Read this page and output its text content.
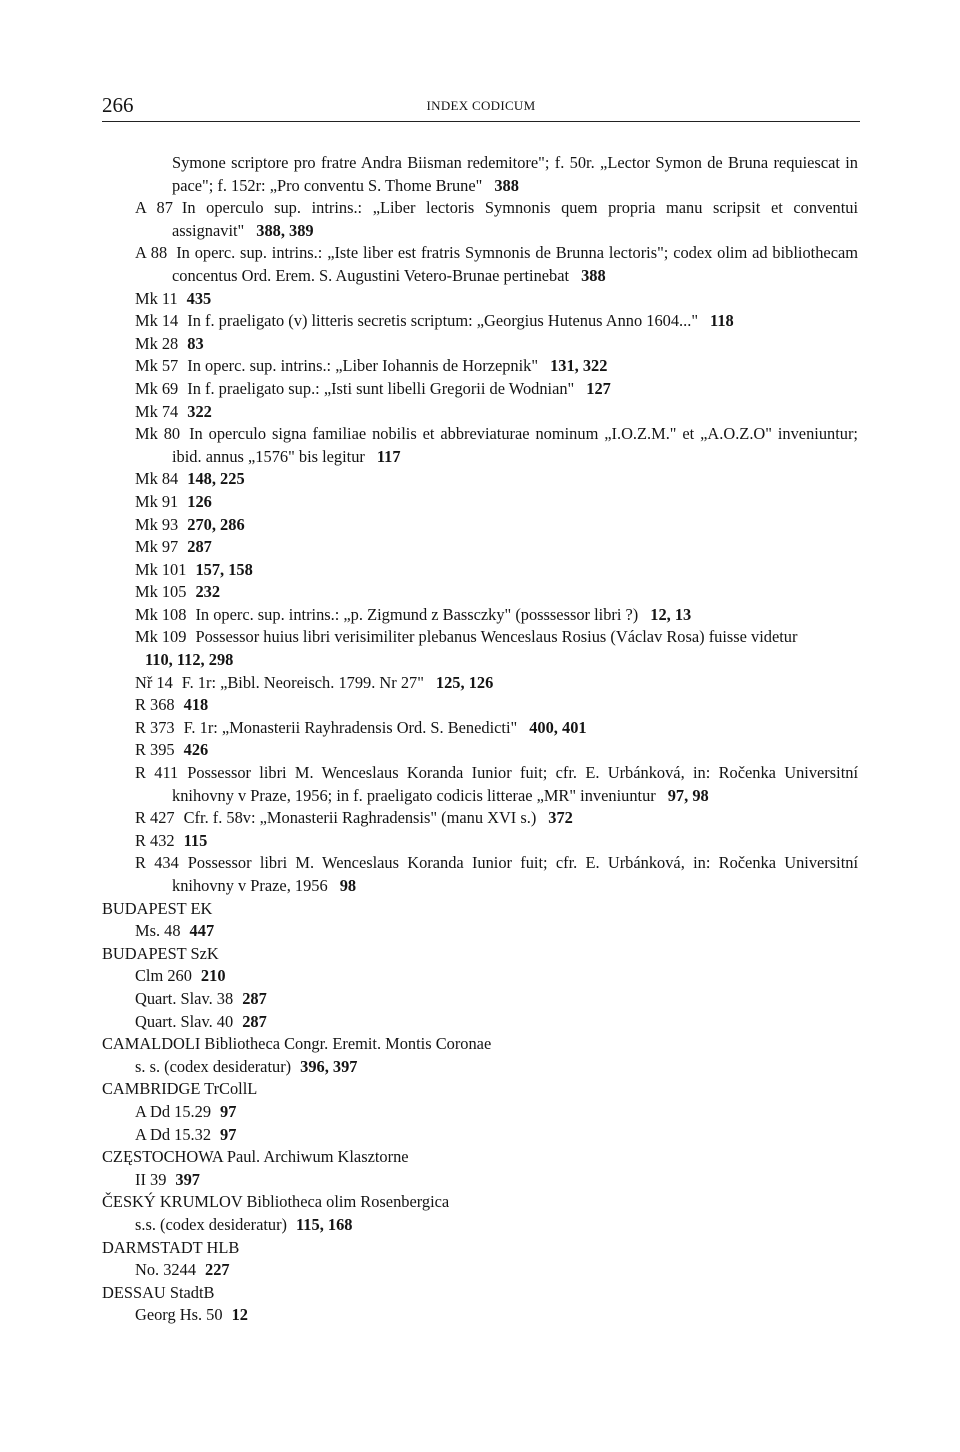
266	INDEX CODICUM
Symone scriptore pro fratre Andra Biisman redemitore"; f. 50r. „Lector Symon de Bruna requiescat in pace"; f. 152r: „Pro conventu S. Thome Brune" 388
A 87 In operculo sup. intrins.: „Liber lectoris Symnonis quem propria manu scripsit et conventui assignavit" 388, 389
A 88 In operc. sup. intrins.: „Iste liber est fratris Symnonis de Brunna lectoris"; codex olim ad bibliothecam concentus Ord. Erem. S. Augustini Vetero-Brunae pertinebat 388
Mk 11 435
Mk 14 In f. praeligato (v) litteris secretis scriptum: „Georgius Hutenus Anno 1604..." 118
Mk 28 83
Mk 57 In operc. sup. intrins.: „Liber Iohannis de Horzepnik" 131, 322
Mk 69 In f. praeligato sup.: „Isti sunt libelli Gregorii de Wodnian" 127
Mk 74 322
Mk 80 In operculo signa familiae nobilis et abbreviaturae nominum „I.O.Z.M." et „A.O.Z.O" inveniuntur; ibid. annus „1576" bis legitur 117
Mk 84 148, 225
Mk 91 126
Mk 93 270, 286
Mk 97 287
Mk 101 157, 158
Mk 105 232
Mk 108 In operc. sup. intrins.: „p. Zigmund z Bassczky" (posssessor libri ?) 12, 13
Mk 109 Possessor huius libri verisimiliter plebanus Wenceslaus Rosius (Václav Rosa) fuisse videtur
110, 112, 298
Nř 14 F. 1r: „Bibl. Neoreisch. 1799. Nr 27" 125, 126
R 368 418
R 373 F. 1r: „Monasterii Rayhradensis Ord. S. Benedicti" 400, 401
R 395 426
R 411 Possessor libri M. Wenceslaus Koranda Iunior fuit; cfr. E. Urbánková, in: Ročenka Universitní knihovny v Praze, 1956; in f. praeligato codicis litterae „MR" inveniuntur 97, 98
R 427 Cfr. f. 58v: „Monasterii Raghradensis" (manu XVI s.) 372
R 432 115
R 434 Possessor libri M. Wenceslaus Koranda Iunior fuit; cfr. E. Urbánková, in: Ročenka Universitní knihovny v Praze, 1956 98
BUDAPEST EK
Ms. 48 447
BUDAPEST SzK
Clm 260 210
Quart. Slav. 38 287
Quart. Slav. 40 287
CAMALDOLI Bibliotheca Congr. Eremit. Montis Coronae
s. s. (codex desideratur) 396, 397
CAMBRIDGE TrCollL
A Dd 15.29 97
A Dd 15.32 97
CZĘSTOCHOWA Paul. Archiwum Klasztorne
II 39 397
ČESKÝ KRUMLOV Bibliotheca olim Rosenbergica
s.s. (codex desideratur) 115, 168
DARMSTADT HLB
No. 3244 227
DESSAU StadtB
Georg Hs. 50 12
